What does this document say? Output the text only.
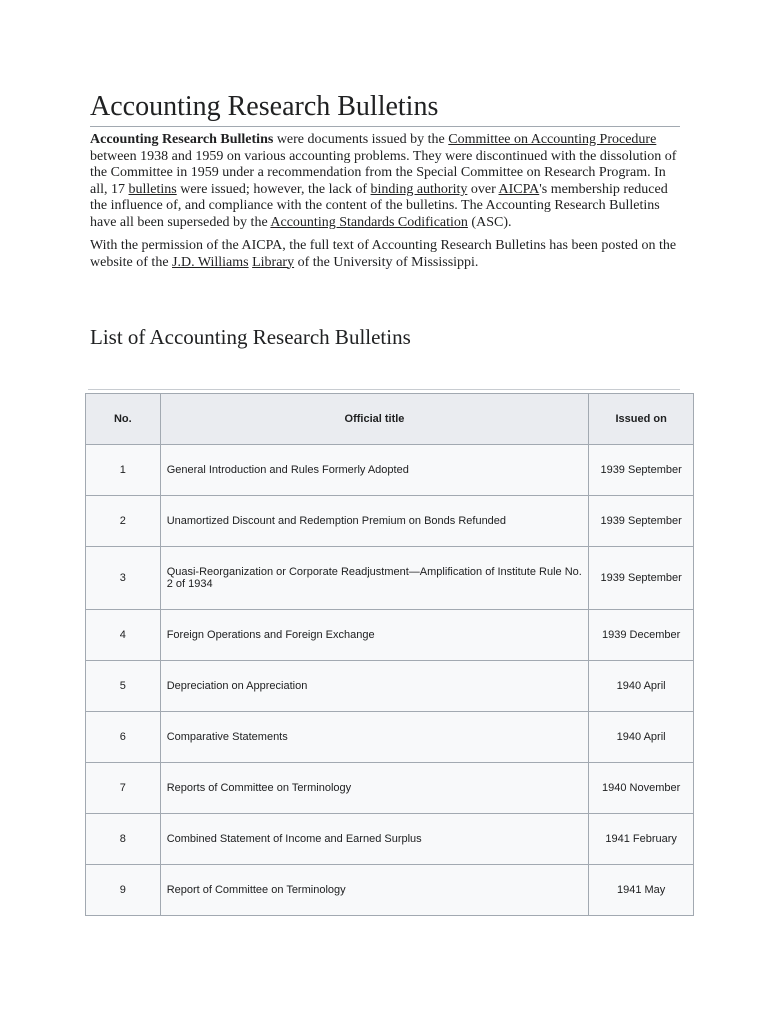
Accounting Research Bulletins

Accounting Research Bulletins were documents issued by the Committee on Accounting Procedure between 1938 and 1959 on various accounting problems. They were discontinued with the dissolution of the Committee in 1959 under a recommendation from the Special Committee on Research Program. In all, 17 bulletins were issued; however, the lack of binding authority over AICPA's membership reduced the influence of, and compliance with the content of the bulletins. The Accounting Research Bulletins have all been superseded by the Accounting Standards Codification (ASC).

With the permission of the AICPA, the full text of Accounting Research Bulletins has been posted on the website of the J.D. Williams Library of the University of Mississippi.

List of Accounting Research Bulletins
No.	Official title	Issued on
1	General Introduction and Rules Formerly Adopted	1939 September
2	Unamortized Discount and Redemption Premium on Bonds Refunded	1939 September
3	Quasi-Reorganization or Corporate Readjustment—Amplification of Institute Rule No. 2 of 1934	1939 September
4	Foreign Operations and Foreign Exchange	1939 December
5	Depreciation on Appreciation	1940 April
6	Comparative Statements	1940 April
7	Reports of Committee on Terminology	1940 November
8	Combined Statement of Income and Earned Surplus	1941 February
9	Report of Committee on Terminology	1941 May
